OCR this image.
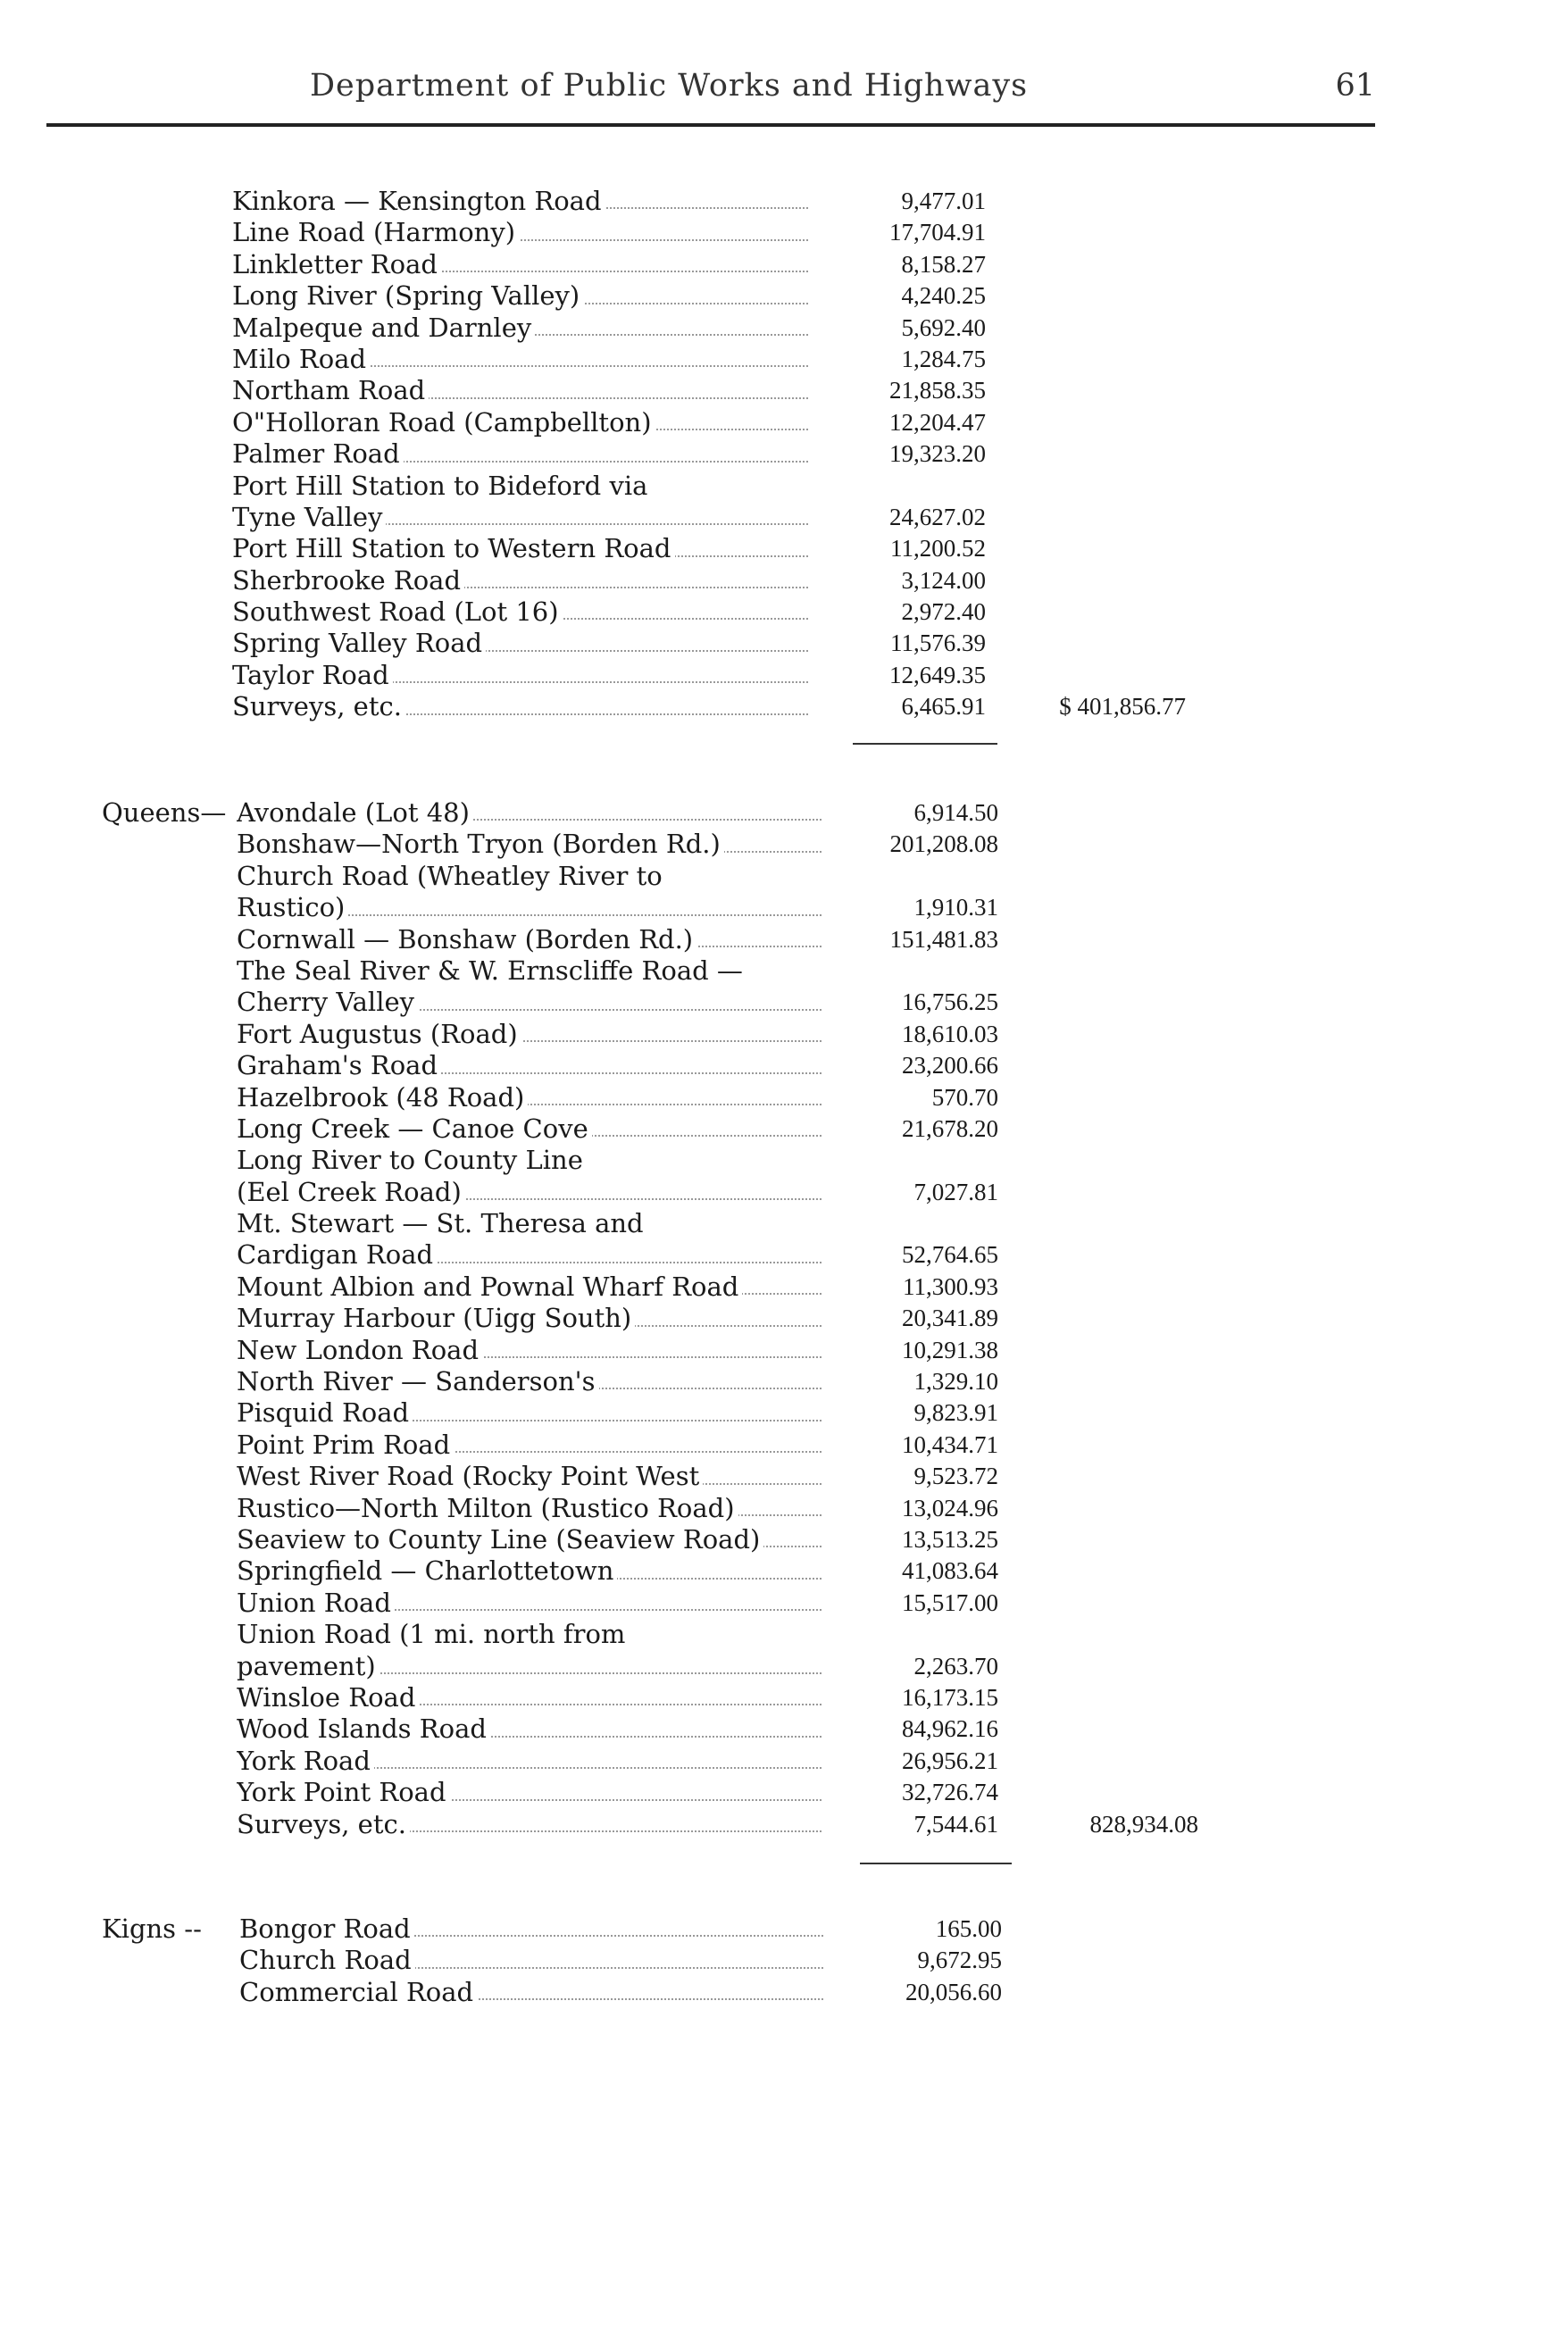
Department of Public Works and Highways	61
Kinkora — Kensington Road	9,477.01
Line Road (Harmony)	17,704.91
Linkletter Road	8,158.27
Long River (Spring Valley)	4,240.25
Malpeque and Darnley	5,692.40
Milo Road	1,284.75
Northam Road	21,858.35
O"Holloran Road (Campbellton)	12,204.47
Palmer Road	19,323.20
Port Hill Station to Bideford via
Tyne Valley	24,627.02
Port Hill Station to Western Road	11,200.52
Sherbrooke Road	3,124.00
Southwest Road (Lot 16)	2,972.40
Spring Valley Road	11,576.39
Taylor Road	12,649.35
Surveys, etc.	6,465.91	$ 401,856.77
Queens— Avondale (Lot 48)	6,914.50
Bonshaw—North Tryon (Borden Rd.)	201,208.08
Church Road (Wheatley River to
Rustico)	1,910.31
Cornwall — Bonshaw (Borden Rd.)	151,481.83
The Seal River & W. Ernscliffe Road —
Cherry Valley	16,756.25
Fort Augustus (Road)	18,610.03
Graham's Road	23,200.66
Hazelbrook (48 Road)	570.70
Long Creek — Canoe Cove	21,678.20
Long River to County Line
(Eel Creek Road)	7,027.81
Mt. Stewart — St. Theresa and
Cardigan Road	52,764.65
Mount Albion and Pownal Wharf Road	11,300.93
Murray Harbour (Uigg South)	20,341.89
New London Road	10,291.38
North River — Sanderson's	1,329.10
Pisquid Road	9,823.91
Point Prim Road	10,434.71
West River Road (Rocky Point West	9,523.72
Rustico—North Milton (Rustico Road)	13,024.96
Seaview to County Line (Seaview Road)	13,513.25
Springfield — Charlottetown	41,083.64
Union Road	15,517.00
Union Road (1 mi. north from
pavement)	2,263.70
Winsloe Road	16,173.15
Wood Islands Road	84,962.16
York Road	26,956.21
York Point Road	32,726.74
Surveys, etc.	7,544.61	828,934.08
Kigns -- Bongor Road	165.00
Church Road	9,672.95
Commercial Road	20,056.60
